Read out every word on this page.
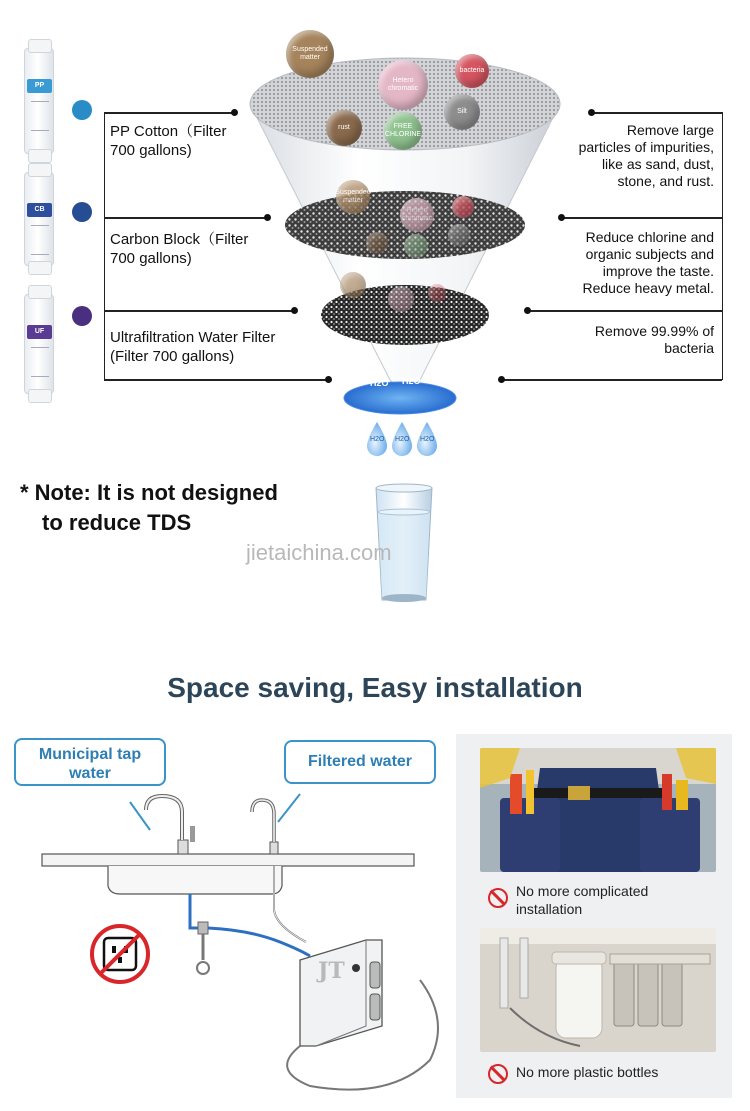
PP
CB
UF
PP Cotton（Filter
700 gallons)
Carbon Block（Filter
700 gallons)
Ultrafiltration Water Filter
(Filter 700 gallons)
Remove large
particles of impurities,
like as sand, dust,
stone, and rust.
Reduce chlorine and
organic subjects and
improve the taste.
Reduce heavy metal.
Remove 99.99% of
bacteria
Suspended matter
Hetero chromatic
bacteria
rust	FREE CHLORINE
Silt
Suspended matter
Hetero chromatic
H2O H2O
H2O H2O H2O
* Note: It is not designed
to reduce TDS
jietaichina.com
Space saving, Easy installation
JT
Municipal tap
water
Filtered water
No more complicated
installation
No more plastic bottles
